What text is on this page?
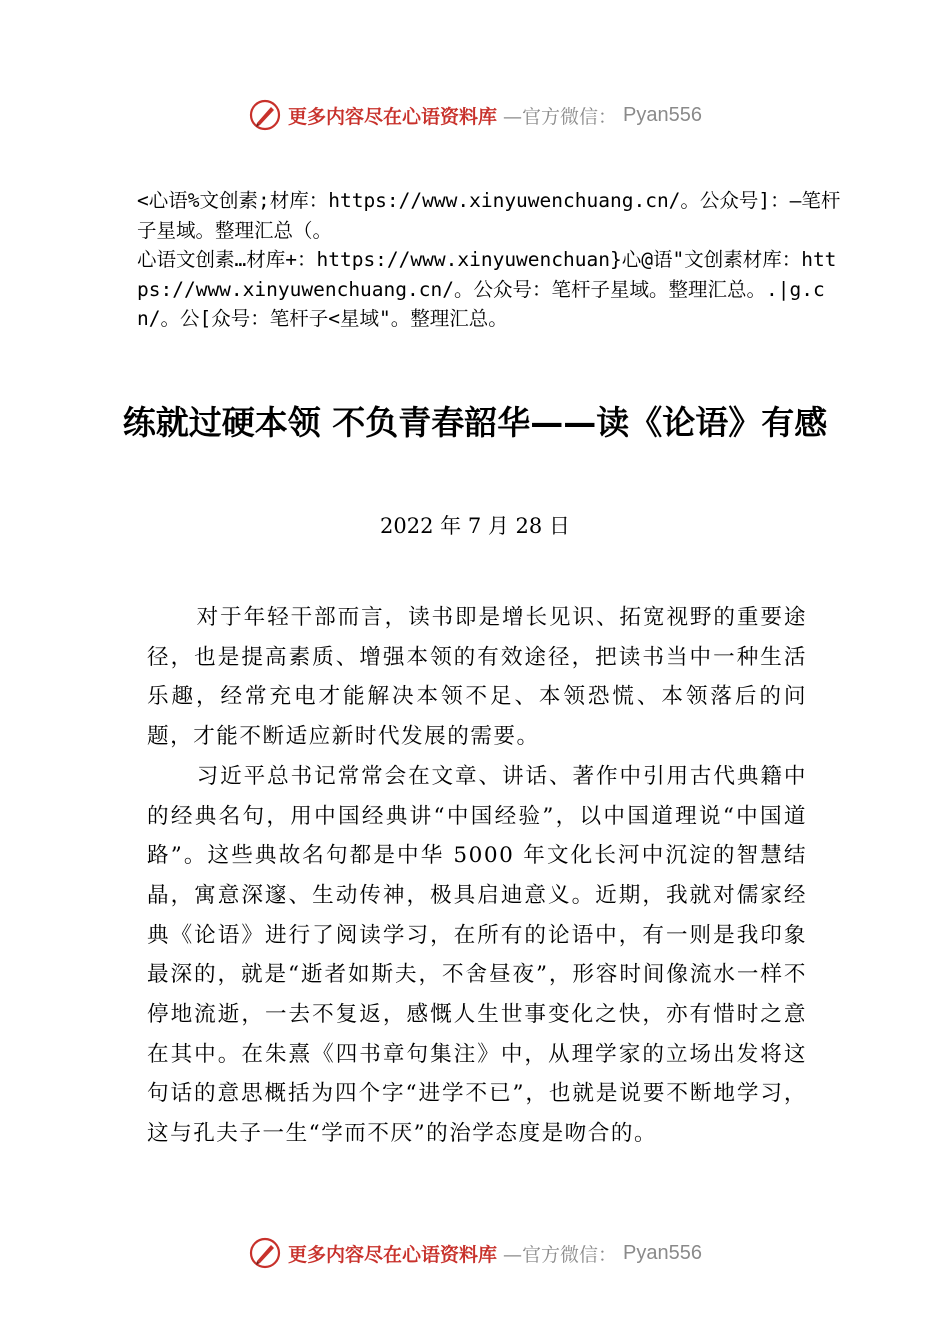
更多内容尽在心语资料库 —官方微信： Pyan556

<心语%文创素;材库：https://www.xinyuwenchuang.cn/。公众号]：—笔杆子星域。整理汇总（。

心语文创素…材库+：https://www.xinyuwenchuan}心@语"文创素材库：https://www.xinyuwenchuang.cn/。公众号：笔杆子星域。整理汇总。.|g.cn/。公[众号：笔杆子<星域"。整理汇总。

练就过硬本领 不负青春韶华——读《论语》有感
2022 年 7 月 28 日

对于年轻干部而言，读书即是增长见识、拓宽视野的重要途径，也是提高素质、增强本领的有效途径，把读书当中一种生活乐趣，经常充电才能解决本领不足、本领恐慌、本领落后的问题，才能不断适应新时代发展的需要。

习近平总书记常常会在文章、讲话、著作中引用古代典籍中的经典名句，用中国经典讲“中国经验”，以中国道理说“中国道路”。这些典故名句都是中华 5000 年文化长河中沉淀的智慧结晶，寓意深邃、生动传神，极具启迪意义。近期，我就对儒家经典《论语》进行了阅读学习，在所有的论语中，有一则是我印象最深的，就是“逝者如斯夫，不舍昼夜”，形容时间像流水一样不停地流逝，一去不复返，感慨人生世事变化之快，亦有惜时之意在其中。在朱熹《四书章句集注》中，从理学家的立场出发将这句话的意思概括为四个字“进学不已”，也就是说要不断地学习，这与孔夫子一生“学而不厌”的治学态度是吻合的。

更多内容尽在心语资料库 —官方微信： Pyan556
